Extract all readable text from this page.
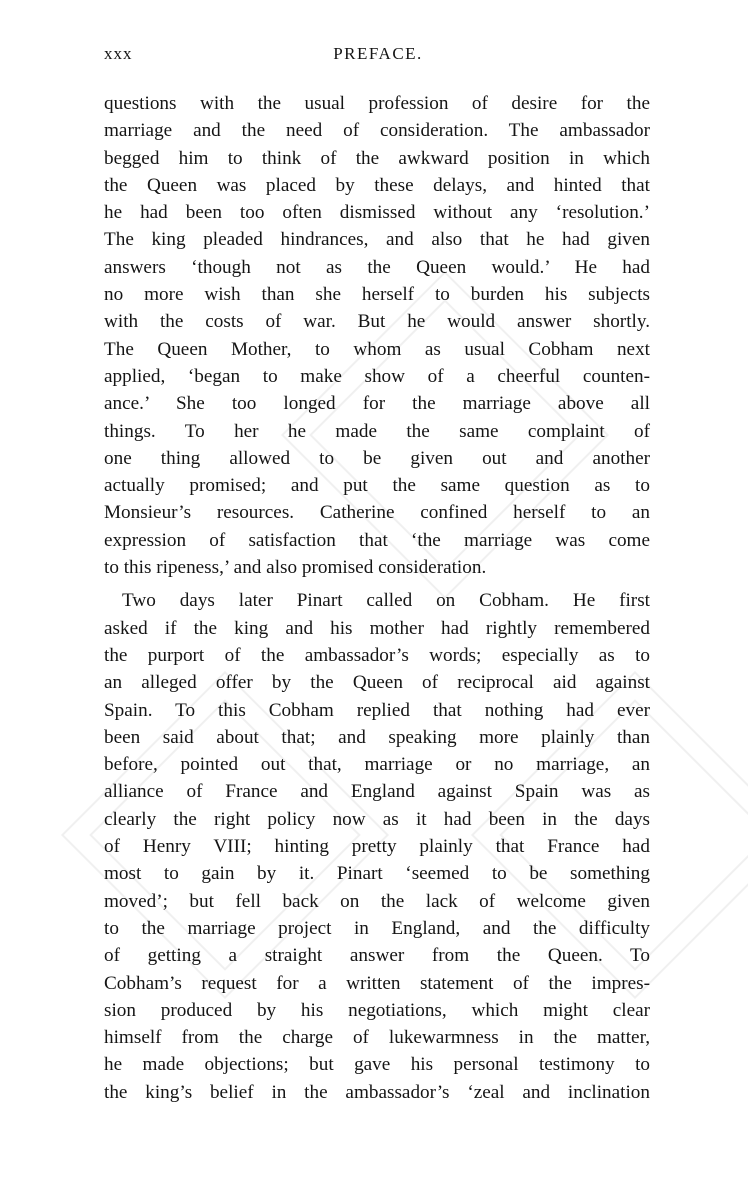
xxx	PREFACE.
questions with the usual profession of desire for the
marriage and the need of consideration. The ambassador
begged him to think of the awkward position in which
the Queen was placed by these delays, and hinted that
he had been too often dismissed without any ‘resolution.’
The king pleaded hindrances, and also that he had given
answers ‘though not as the Queen would.’ He had
no more wish than she herself to burden his subjects
with the costs of war. But he would answer shortly.
The Queen Mother, to whom as usual Cobham next
applied, ‘began to make show of a cheerful counten-
ance.’ She too longed for the marriage above all
things. To her he made the same complaint of
one thing allowed to be given out and another
actually promised; and put the same question as to
Monsieur’s resources. Catherine confined herself to an
expression of satisfaction that ‘the marriage was come
to this ripeness,’ and also promised consideration.
Two days later Pinart called on Cobham. He first
asked if the king and his mother had rightly remembered
the purport of the ambassador’s words; especially as to
an alleged offer by the Queen of reciprocal aid against
Spain. To this Cobham replied that nothing had ever
been said about that; and speaking more plainly than
before, pointed out that, marriage or no marriage, an
alliance of France and England against Spain was as
clearly the right policy now as it had been in the days
of Henry VIII; hinting pretty plainly that France had
most to gain by it. Pinart ‘seemed to be something
moved’; but fell back on the lack of welcome given
to the marriage project in England, and the difficulty
of getting a straight answer from the Queen. To
Cobham’s request for a written statement of the impres-
sion produced by his negotiations, which might clear
himself from the charge of lukewarmness in the matter,
he made objections; but gave his personal testimony to
the king’s belief in the ambassador’s ‘zeal and inclination
